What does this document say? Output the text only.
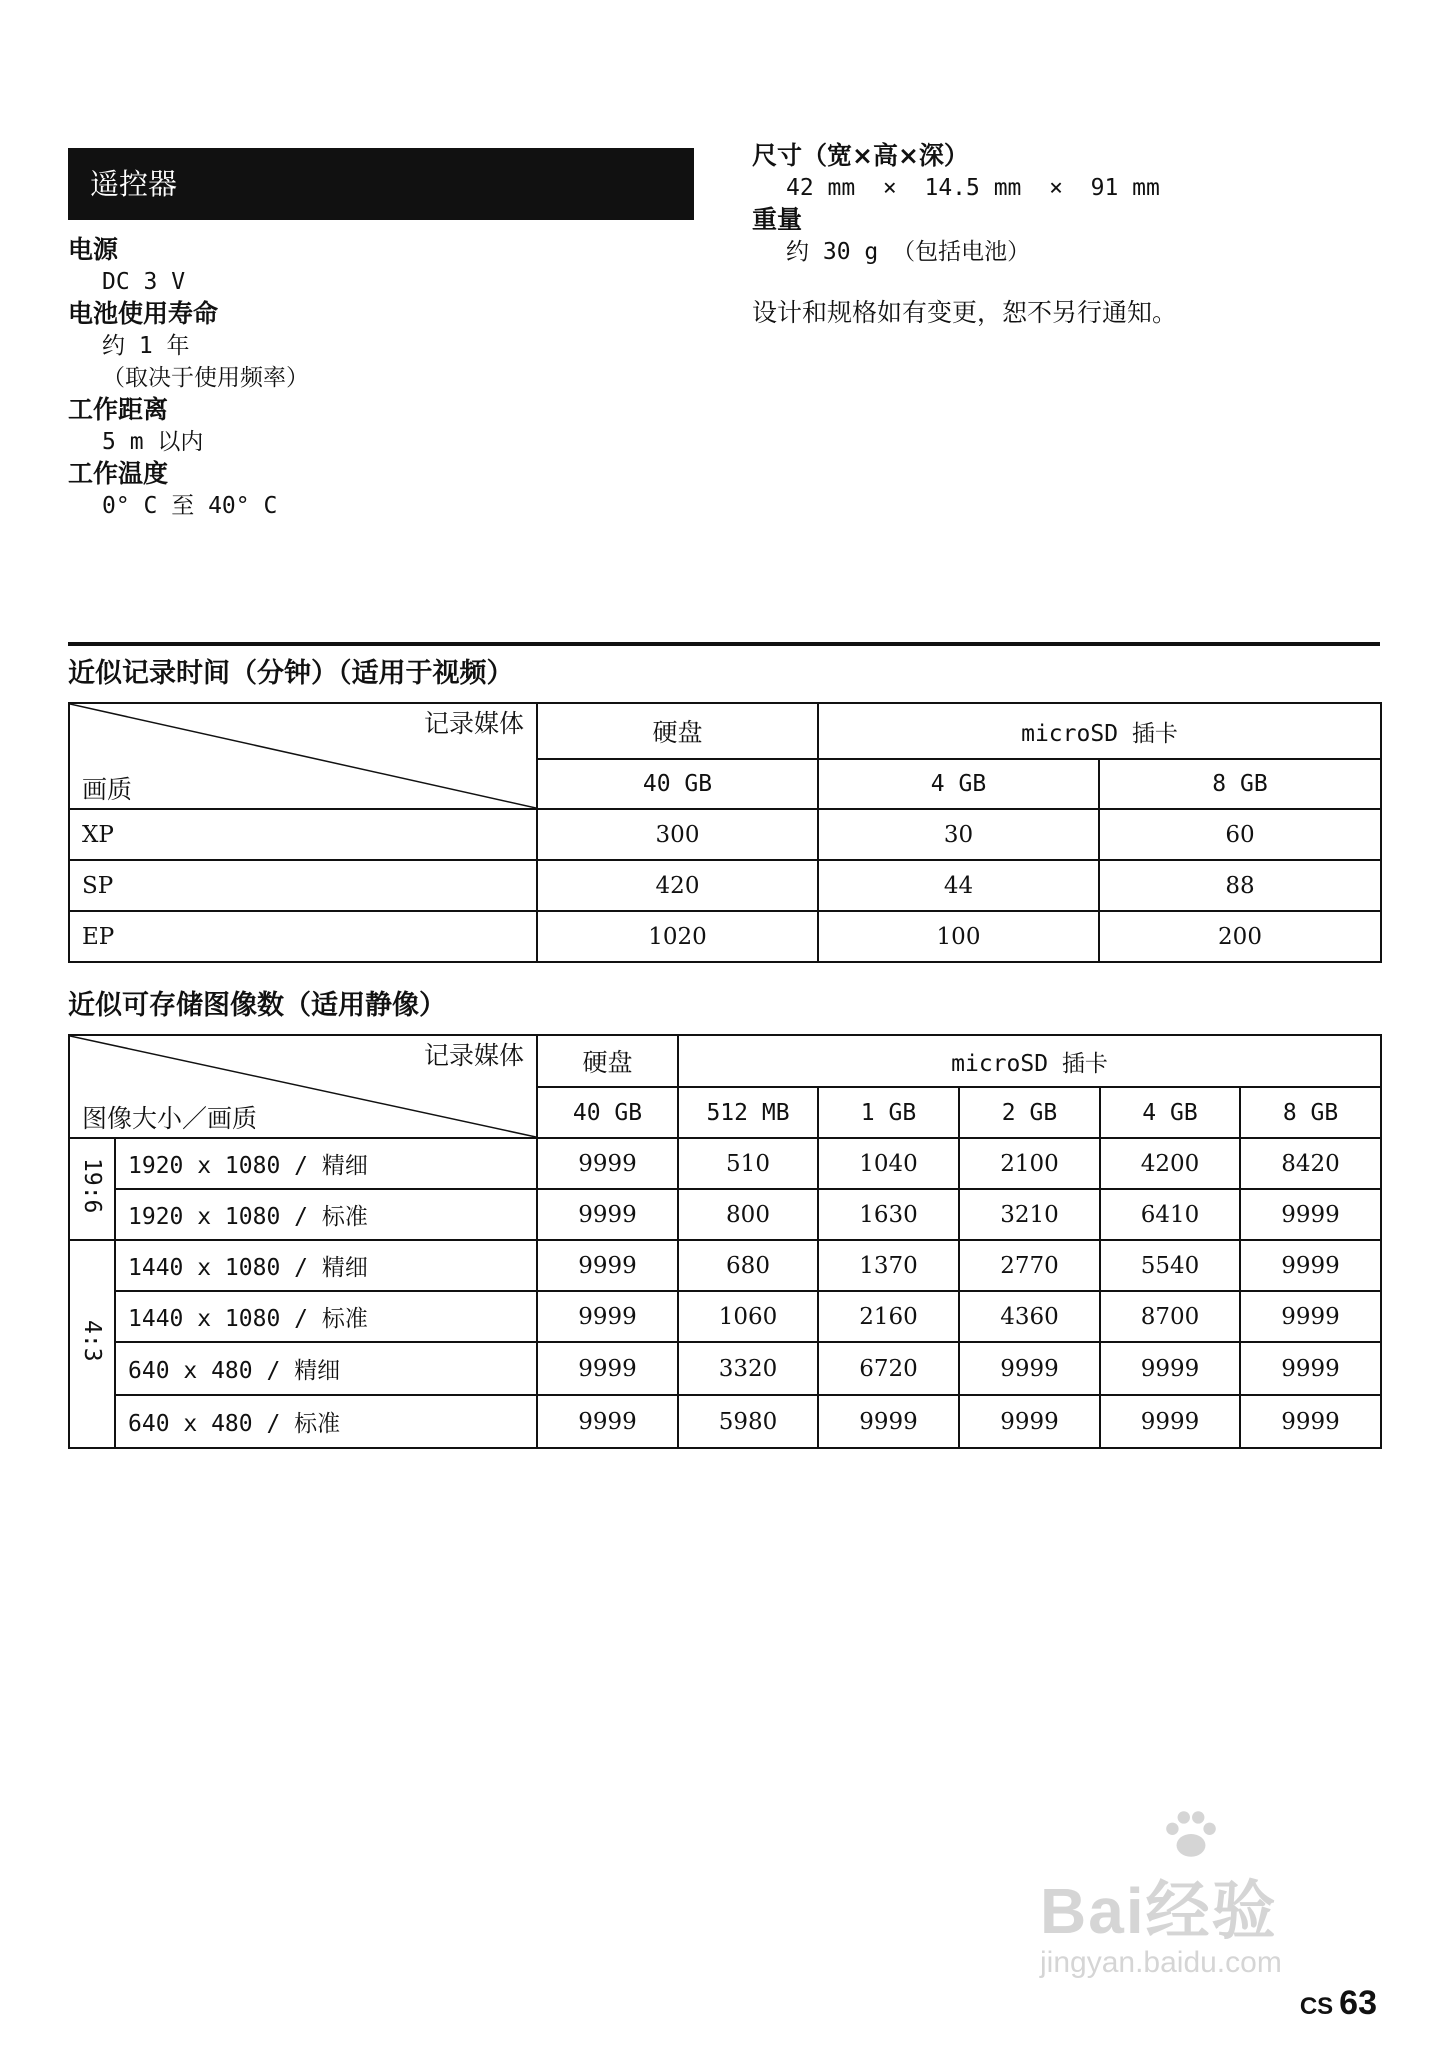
遥控器
电源
DC 3 V
电池使用寿命
约 1 年
（取决于使用频率）
工作距离
5 m 以内
工作温度
0° C 至 40° C
尺寸（宽×高×深）
42 mm  ×  14.5 mm  ×  91 mm
重量
约 30 g （包括电池）
设计和规格如有变更，恕不另行通知。
近似记录时间（分钟）（适用于视频）
记录媒体
画质	硬盘	microSD 插卡	
	40 GB	4 GB	8 GB
XP	300	30	60
SP	420	44	88
EP	1020	100	200
近似可存储图像数（适用静像）
记录媒体
图像大小／画质		硬盘	microSD 插卡				
		40 GB	512 MB	1 GB	2 GB	4 GB	8 GB
19:6	1920 x 1080 / 精细	9999	510	1040	2100	4200	8420
	1920 x 1080 / 标准	9999	800	1630	3210	6410	9999
4:3	1440 x 1080 / 精细	9999	680	1370	2770	5540	9999
	1440 x 1080 / 标准	9999	1060	2160	4360	8700	9999
	640 x 480 / 精细	9999	3320	6720	9999	9999	9999
	640 x 480 / 标准	9999	5980	9999	9999	9999	9999
Bai经验
jingyan.baidu.com
CS 63
